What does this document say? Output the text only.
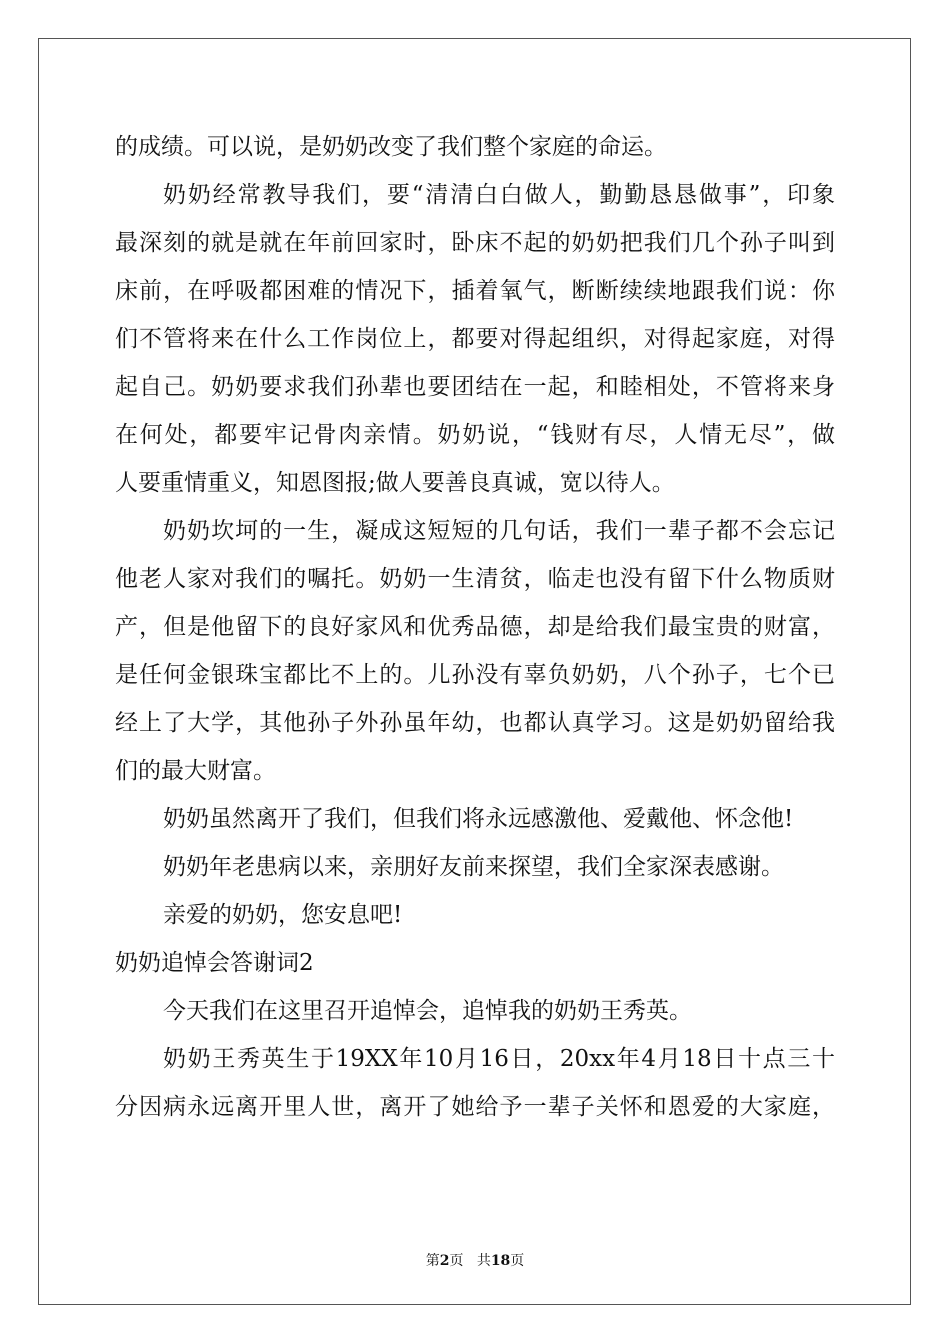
的成绩。可以说，是奶奶改变了我们整个家庭的命运。
奶奶经常教导我们，要“清清白白做人，勤勤恳恳做事”，印象
最深刻的就是就在年前回家时，卧床不起的奶奶把我们几个孙子叫到
床前，在呼吸都困难的情况下，插着氧气，断断续续地跟我们说：你
们不管将来在什么工作岗位上，都要对得起组织，对得起家庭，对得
起自己。奶奶要求我们孙辈也要团结在一起，和睦相处，不管将来身
在何处，都要牢记骨肉亲情。奶奶说，“钱财有尽，人情无尽”，做
人要重情重义，知恩图报;做人要善良真诚，宽以待人。
奶奶坎坷的一生，凝成这短短的几句话，我们一辈子都不会忘记
他老人家对我们的嘱托。奶奶一生清贫，临走也没有留下什么物质财
产，但是他留下的良好家风和优秀品德，却是给我们最宝贵的财富，
是任何金银珠宝都比不上的。儿孙没有辜负奶奶，八个孙子，七个已
经上了大学，其他孙子外孙虽年幼，也都认真学习。这是奶奶留给我
们的最大财富。
奶奶虽然离开了我们，但我们将永远感激他、爱戴他、怀念他!
奶奶年老患病以来，亲朋好友前来探望，我们全家深表感谢。
亲爱的奶奶，您安息吧!
奶奶追悼会答谢词2
今天我们在这里召开追悼会，追悼我的奶奶王秀英。
奶奶王秀英生于19XX年10月16日，20xx年4月18日十点三十
分因病永远离开里人世，离开了她给予一辈子关怀和恩爱的大家庭，
第2页 共18页
